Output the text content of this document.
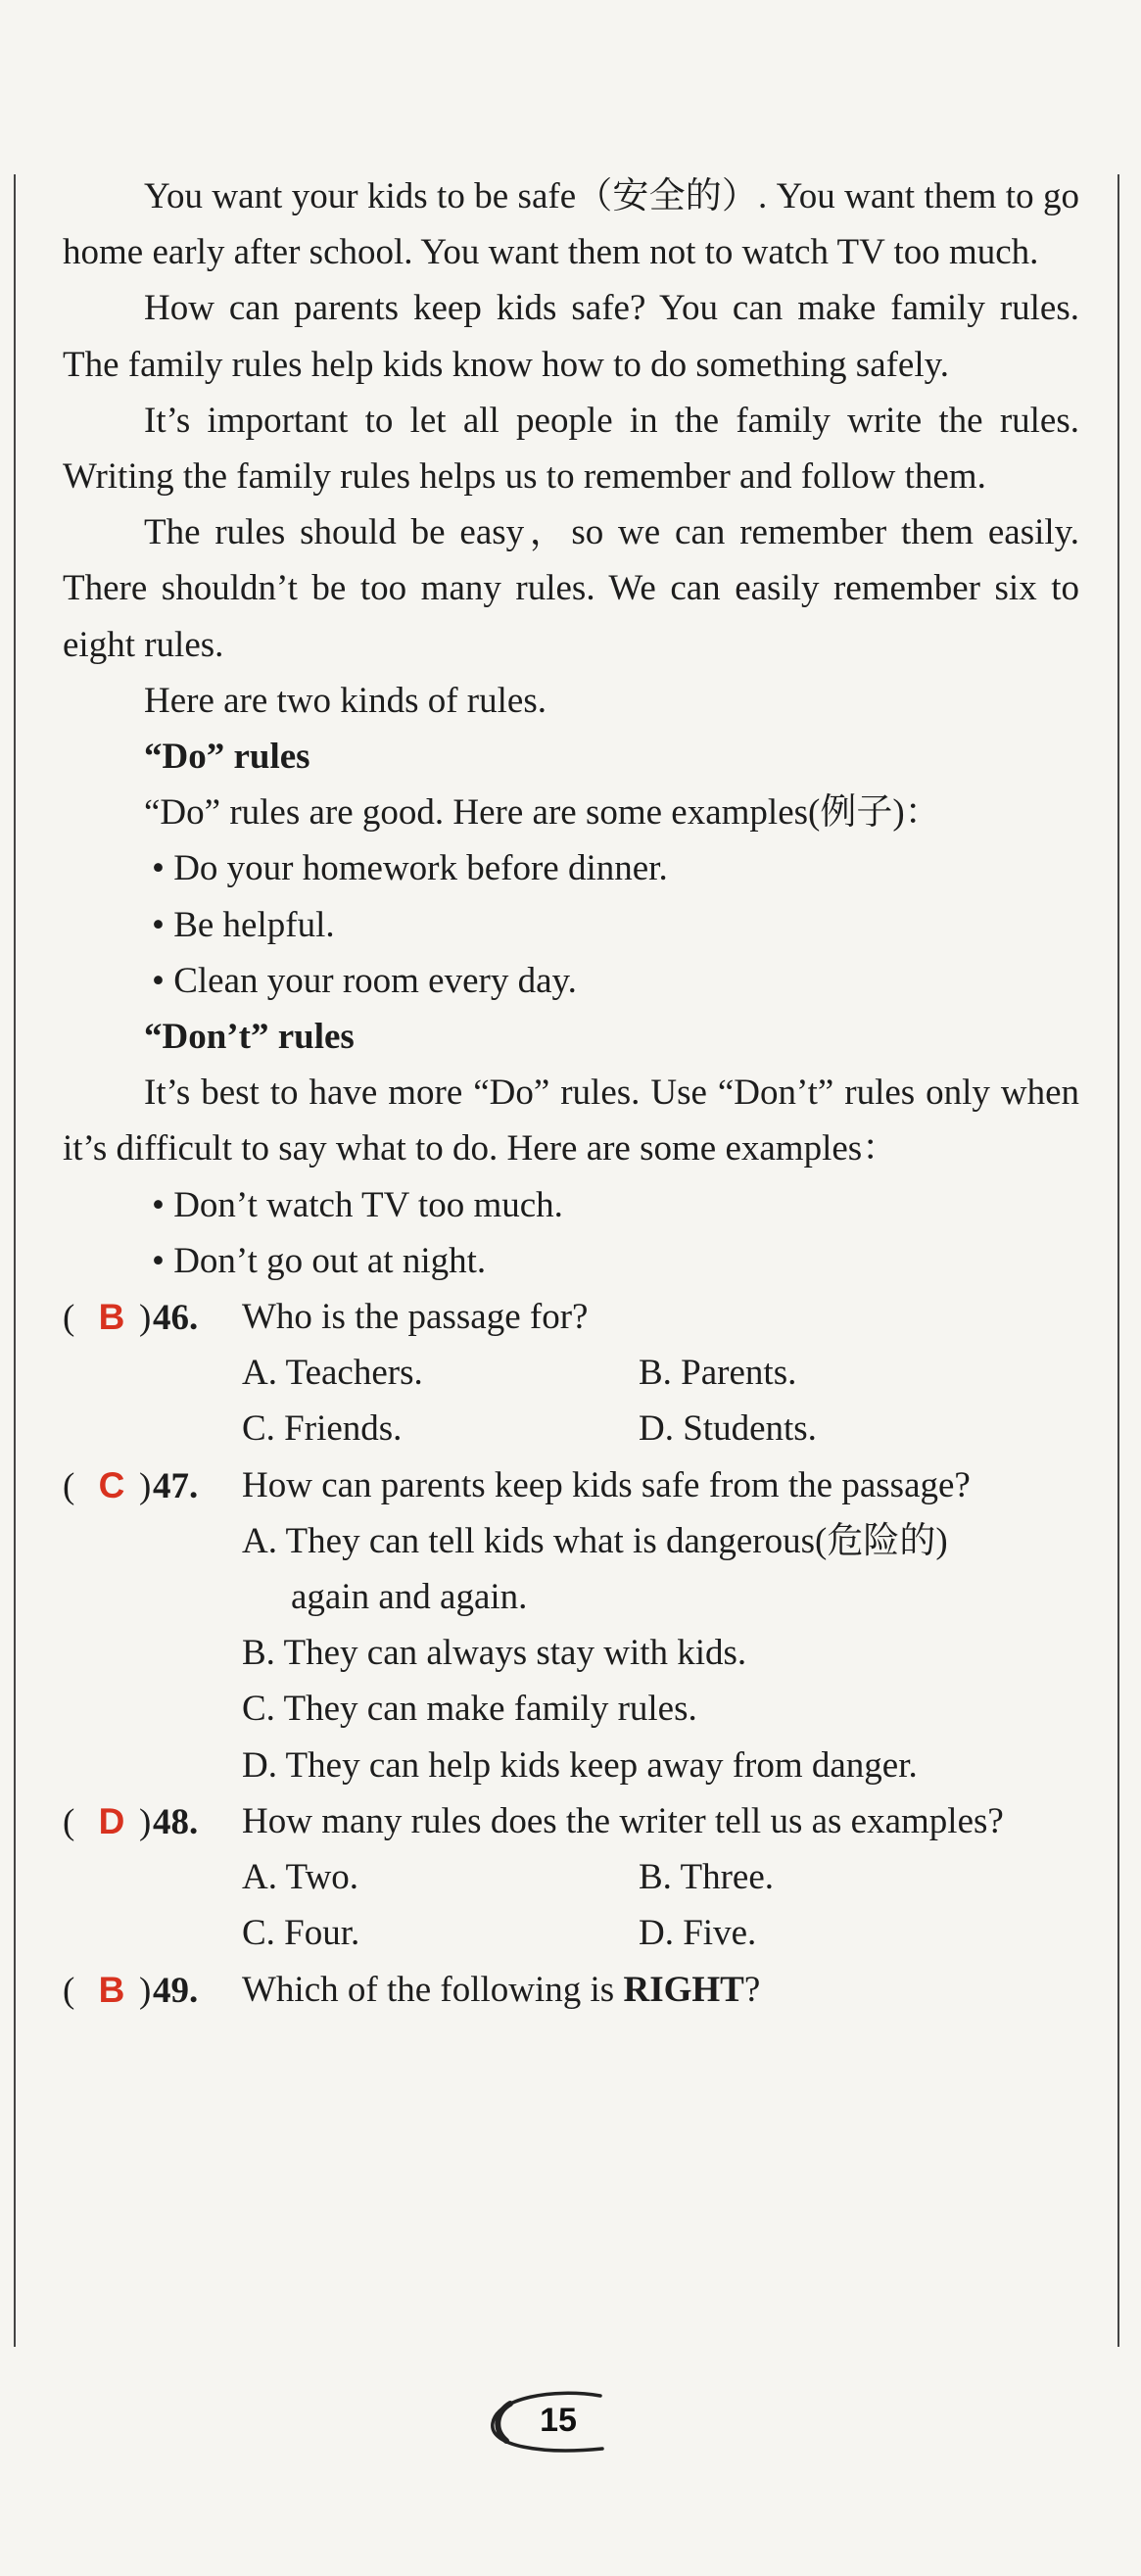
You want your kids to be safe（安全的）. You want them to go home early after school. You want them not to watch TV too much.

How can parents keep kids safe? You can make family rules. The family rules help kids know how to do something safely.

It’s important to let all people in the family write the rules. Writing the family rules helps us to remember and follow them.

The rules should be easy，so we can remember them easily. There shouldn’t be too many rules. We can easily remember six to eight rules.

Here are two kinds of rules.

“Do” rules

“Do” rules are good. Here are some examples(例子)：

• Do your homework before dinner.

• Be helpful.

• Clean your room every day.

“Don’t” rules

It’s best to have more “Do” rules. Use “Don’t” rules only when it’s difficult to say what to do. Here are some examples：

• Don’t watch TV too much.

• Don’t go out at night.

( B )46.	Who is the passage for?
A. Teachers.	B. Parents.
C. Friends.	D. Students.
( C )47.	How can parents keep kids safe from the passage?

A. They can tell kids what is dangerous(危险的)

again and again.

B. They can always stay with kids.

C. They can make family rules.

D. They can help kids keep away from danger.

( D )48.	How many rules does the writer tell us as examples?
A. Two.	B. Three.
C. Four.	D. Five.
( B )49.	Which of the following is RIGHT?
15
